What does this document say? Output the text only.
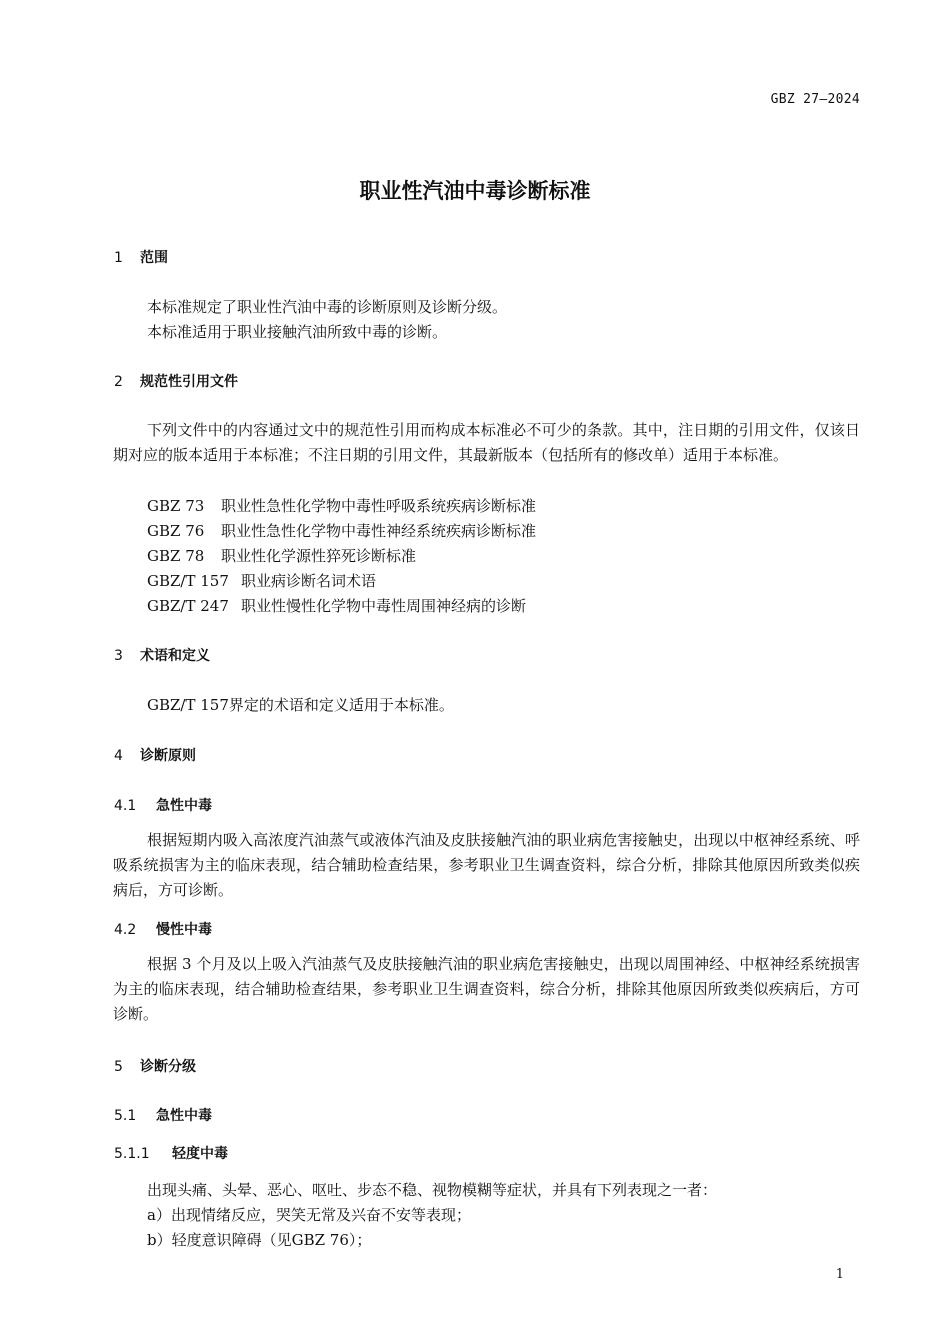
GBZ 27—2024
职业性汽油中毒诊断标准
1 范围
本标准规定了职业性汽油中毒的诊断原则及诊断分级。
本标准适用于职业接触汽油所致中毒的诊断。
2 规范性引用文件
下列文件中的内容通过文中的规范性引用而构成本标准必不可少的条款。其中，注日期的引用文件，仅该日期对应的版本适用于本标准；不注日期的引用文件，其最新版本（包括所有的修改单）适用于本标准。
GBZ 73 职业性急性化学物中毒性呼吸系统疾病诊断标准
GBZ 76 职业性急性化学物中毒性神经系统疾病诊断标准
GBZ 78 职业性化学源性猝死诊断标准
GBZ/T 157 职业病诊断名词术语
GBZ/T 247 职业性慢性化学物中毒性周围神经病的诊断
3 术语和定义
GBZ/T 157界定的术语和定义适用于本标准。
4 诊断原则
4.1 急性中毒
根据短期内吸入高浓度汽油蒸气或液体汽油及皮肤接触汽油的职业病危害接触史，出现以中枢神经系统、呼吸系统损害为主的临床表现，结合辅助检查结果，参考职业卫生调查资料，综合分析，排除其他原因所致类似疾病后，方可诊断。
4.2 慢性中毒
根据 3 个月及以上吸入汽油蒸气及皮肤接触汽油的职业病危害接触史，出现以周围神经、中枢神经系统损害为主的临床表现，结合辅助检查结果，参考职业卫生调查资料，综合分析，排除其他原因所致类似疾病后，方可诊断。
5 诊断分级
5.1 急性中毒
5.1.1 轻度中毒
出现头痛、头晕、恶心、呕吐、步态不稳、视物模糊等症状，并具有下列表现之一者：
a）出现情绪反应，哭笑无常及兴奋不安等表现；
b）轻度意识障碍（见GBZ 76）；
1
